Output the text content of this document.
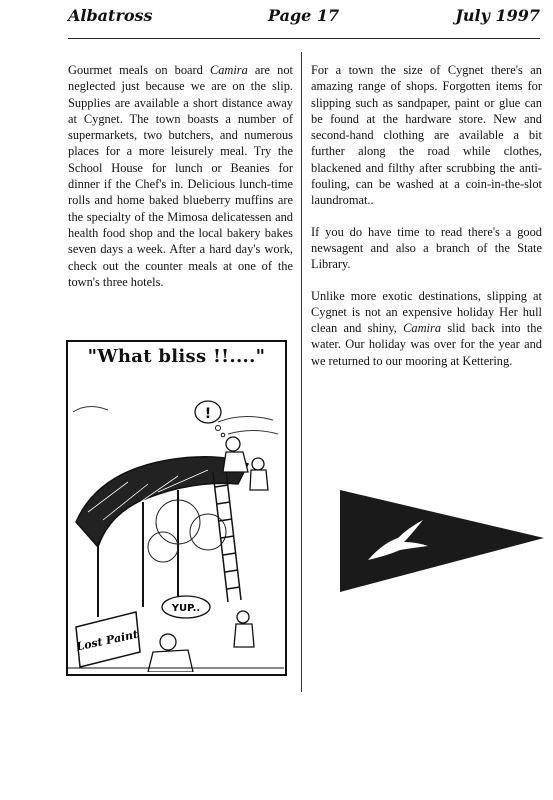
Albatross	Page 17	July 1997

Gourmet meals on board Camira are not neglected just because we are on the slip. Supplies are available a short distance away at Cygnet. The town boasts a number of supermarkets, two butchers, and numerous places for a more leisurely meal. Try the School House for lunch or Beanies for dinner if the Chef's in. Delicious lunch-time rolls and home baked blueberry muffins are the specialty of the Mimosa delicatessen and health food shop and the local bakery bakes seven days a week. After a hard day's work, check out the counter meals at one of the town's three hotels.

"What bliss !!...."
!
YUP..
Lost Paint

For a town the size of Cygnet there's an amazing range of shops. Forgotten items for slipping such as sandpaper, paint or glue can be found at the hardware store. New and second-hand clothing are available a bit further along the road while clothes, blackened and filthy after scrubbing the anti-fouling, can be washed at a coin-in-the-slot laundromat..

If you do have time to read there's a good newsagent and also a branch of the State Library.

Unlike more exotic destinations, slipping at Cygnet is not an expensive holiday Her hull clean and shiny, Camira slid back into the water. Our holiday was over for the year and we returned to our mooring at Kettering.
